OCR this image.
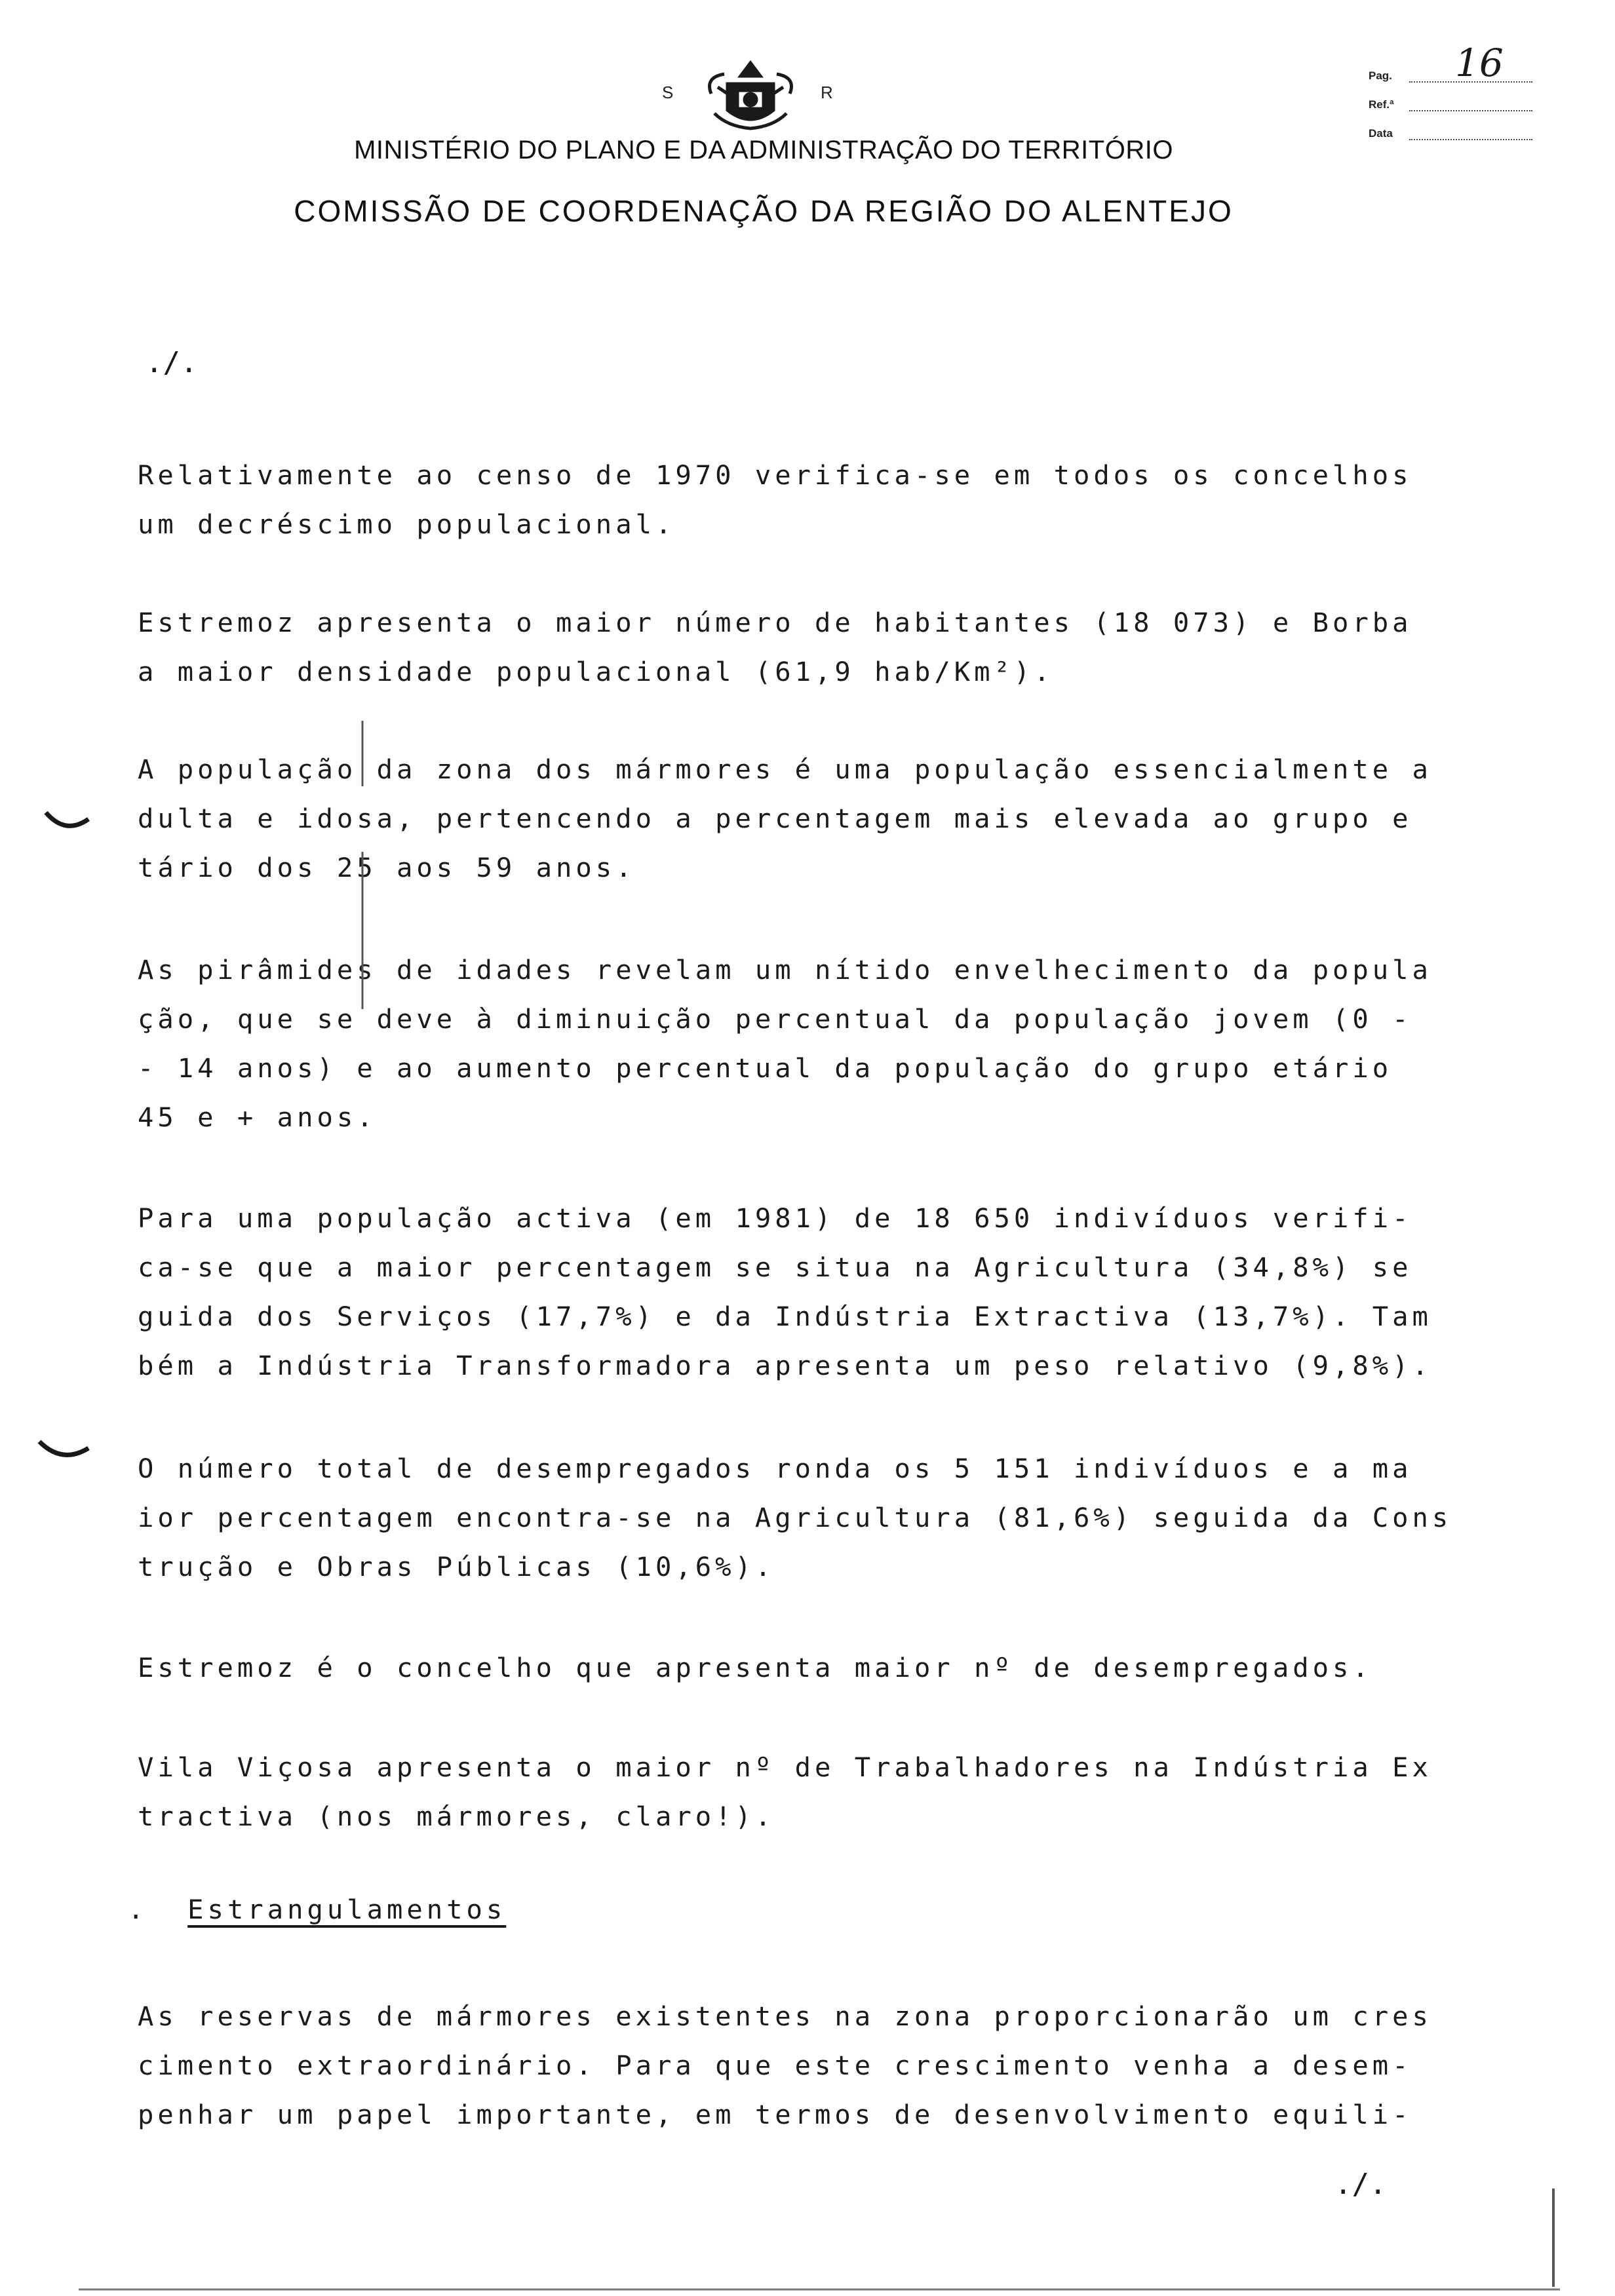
S	R
MINISTÉRIO DO PLANO E DA ADMINISTRAÇÃO DO TERRITÓRIO
COMISSÃO DE COORDENAÇÃO DA REGIÃO DO ALENTEJO
Pag.	16
Ref.ª
Data
./.
Relativamente ao censo de 1970 verifica-se em todos os concelhos
um decréscimo populacional.
Estremoz apresenta o maior número de habitantes (18 073) e Borba
a maior densidade populacional (61,9 hab/Km²).
A população da zona dos mármores é uma população essencialmente a
dulta e idosa, pertencendo a percentagem mais elevada ao grupo e
tário dos 25 aos 59 anos.
As pirâmides de idades revelam um nítido envelhecimento da popula
ção, que se deve à diminuição percentual da população jovem (0 -
- 14 anos) e ao aumento percentual da população do grupo etário
45 e + anos.
Para uma população activa (em 1981) de 18 650 indivíduos verifi-
ca-se que a maior percentagem se situa na Agricultura (34,8%) se
guida dos Serviços (17,7%) e da Indústria Extractiva (13,7%). Tam
bém a Indústria Transformadora apresenta um peso relativo (9,8%).
O número total de desempregados ronda os 5 151 indivíduos e a ma
ior percentagem encontra-se na Agricultura (81,6%) seguida da Cons
trução e Obras Públicas (10,6%).
Estremoz é o concelho que apresenta maior nº de desempregados.
Vila Viçosa apresenta o maior nº de Trabalhadores na Indústria Ex
tractiva (nos mármores, claro!).
. Estrangulamentos
As reservas de mármores existentes na zona proporcionarão um cres
cimento extraordinário. Para que este crescimento venha a desem-
penhar um papel importante, em termos de desenvolvimento equili-
./.
